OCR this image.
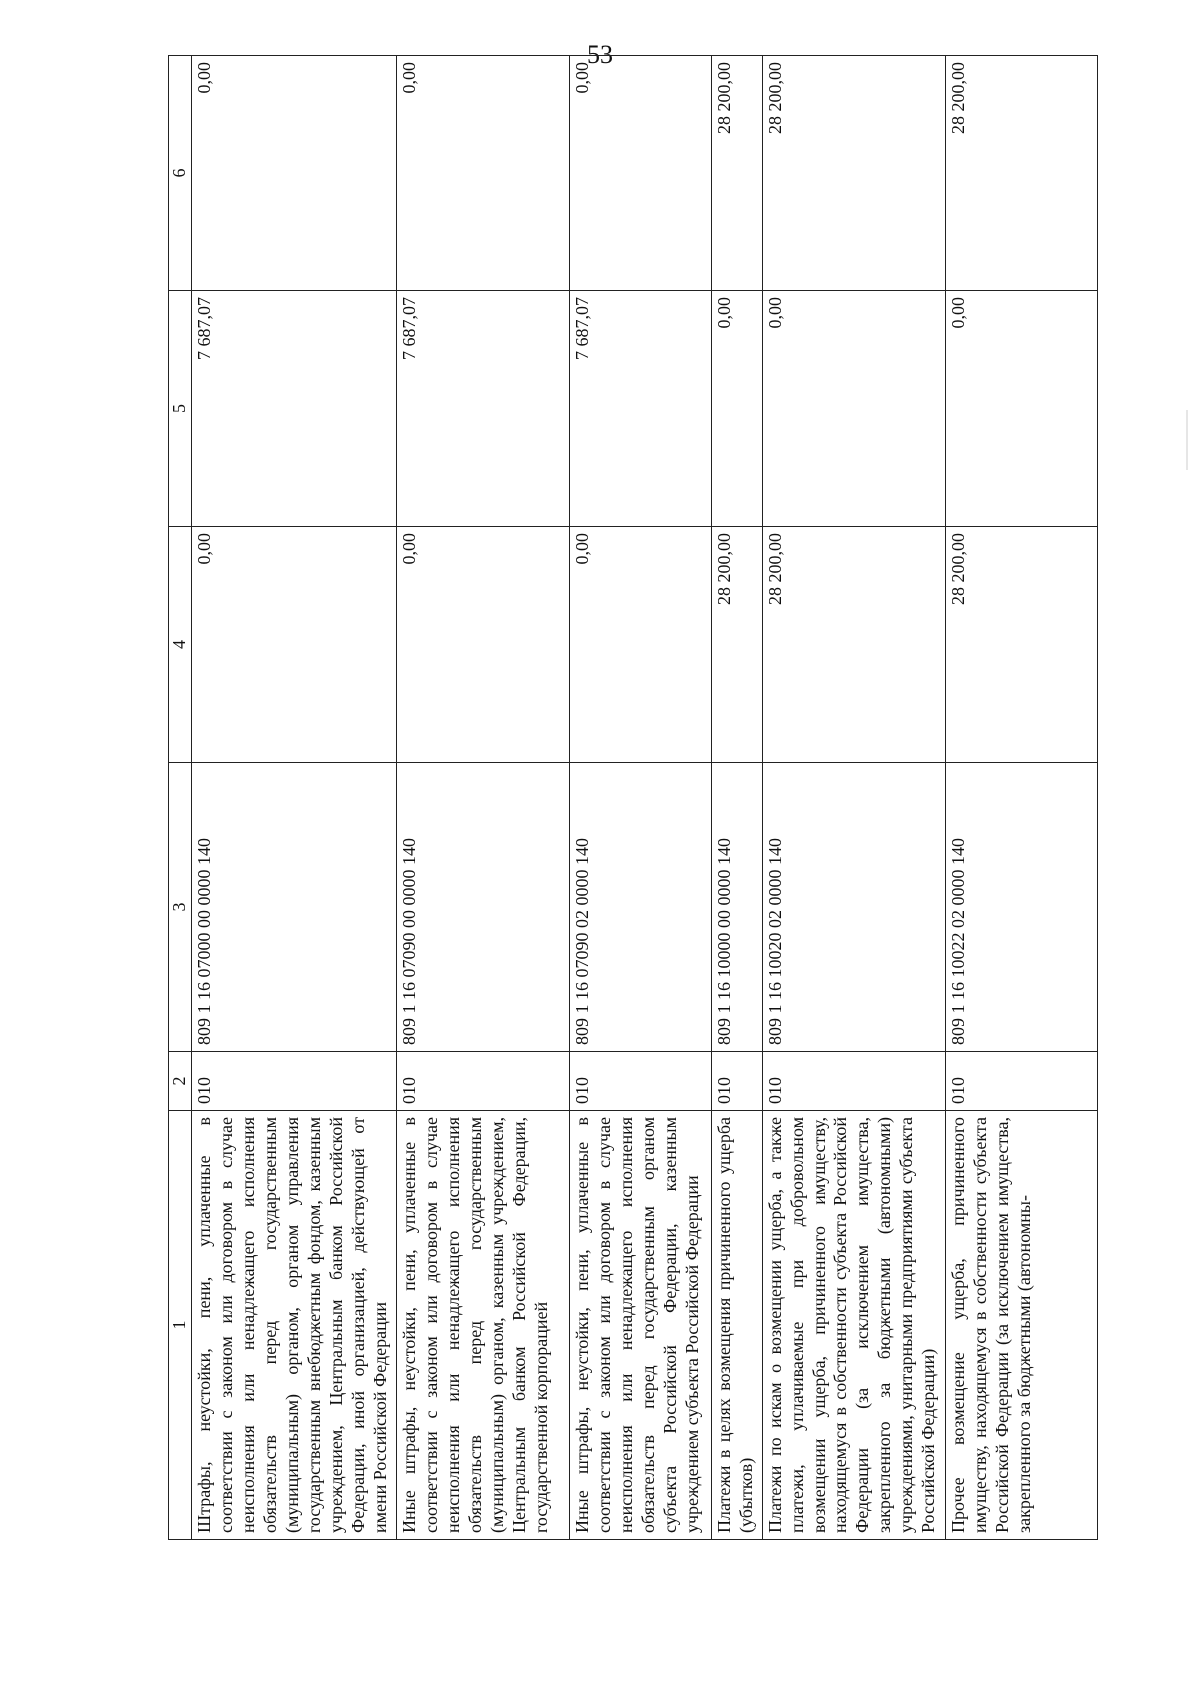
53
1	2	3	4	5	6
Штрафы, неустойки, пени, уплаченные в соответствии с законом или договором в случае неисполнения или ненадлежащего исполнения обязательств перед государственным (муниципальным) органом, органом управления государственным внебюджетным фондом, казенным учреждением, Центральным банком Российской Федерации, иной организацией, действующей от имени Российской Федерации	010	809 1 16 07000 00 0000 140	0,00	7 687,07	0,00
Иные штрафы, неустойки, пени, уплаченные в соответствии с законом или договором в случае неисполнения или ненадлежащего исполнения обязательств перед государственным (муниципальным) органом, казенным учреждением, Центральным банком Российской Федерации, государственной корпорацией	010	809 1 16 07090 00 0000 140	0,00	7 687,07	0,00
Иные штрафы, неустойки, пени, уплаченные в соответствии с законом или договором в случае неисполнения или ненадлежащего исполнения обязательств перед государственным органом субъекта Российской Федерации, казенным учреждением субъекта Российской Федерации	010	809 1 16 07090 02 0000 140	0,00	7 687,07	0,00
Платежи в целях возмещения причиненного ущерба (убытков)	010	809 1 16 10000 00 0000 140	28 200,00	0,00	28 200,00
Платежи по искам о возмещении ущерба, а также платежи, уплачиваемые при добровольном возмещении ущерба, причиненного имуществу, находящемуся в собственности субъекта Российской Федерации (за исключением имущества, закрепленного за бюджетными (автономными) учреждениями, унитарными предприятиями субъекта Российской Федерации)	010	809 1 16 10020 02 0000 140	28 200,00	0,00	28 200,00
Прочее возмещение ущерба, причиненного имуществу, находящемуся в собственности субъекта Российской Федерации (за исключением имущества, закрепленного за бюджетными (автономны-	010	809 1 16 10022 02 0000 140	28 200,00	0,00	28 200,00
